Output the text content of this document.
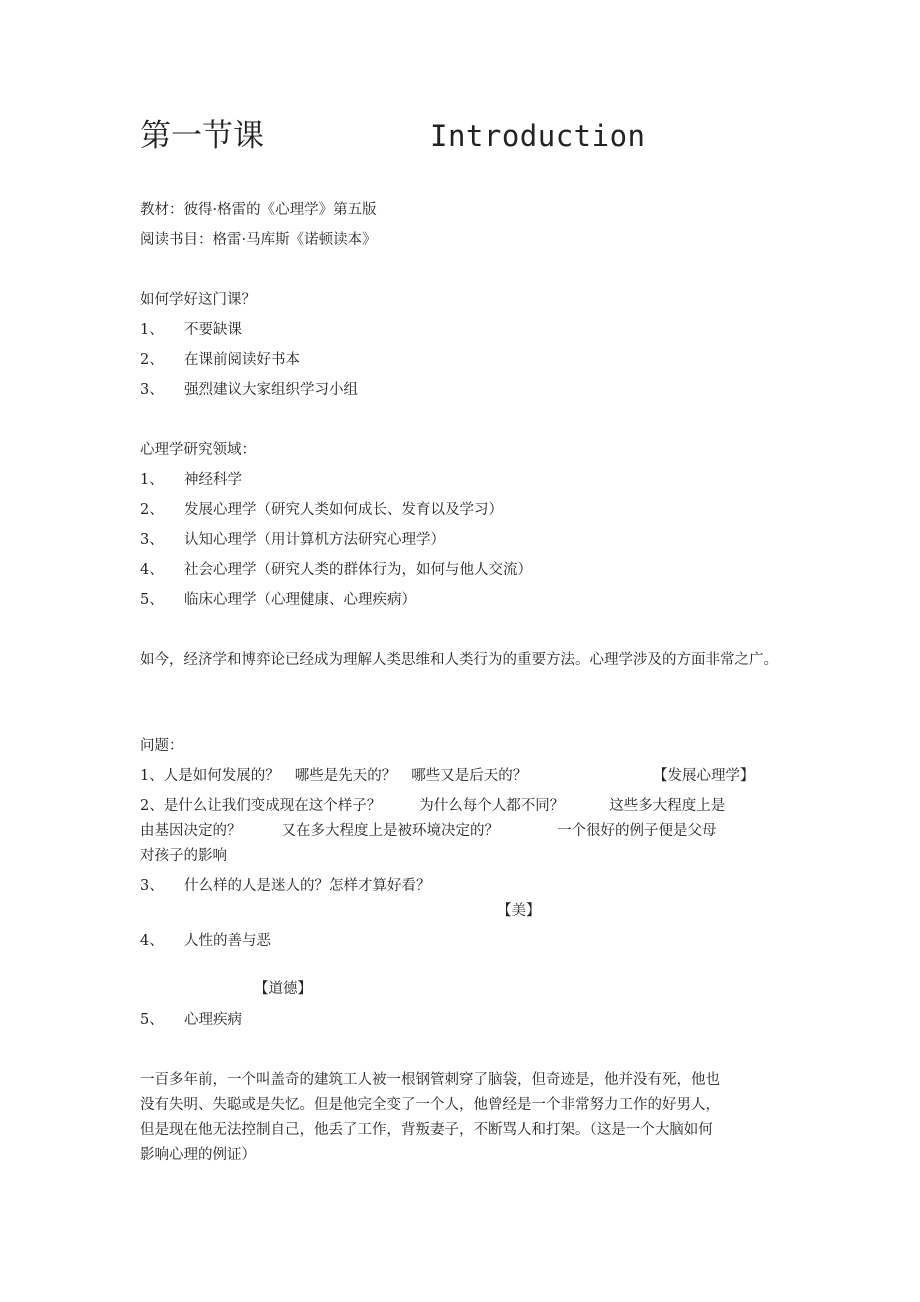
第一节课	Introduction
教材：彼得·格雷的《心理学》第五版
阅读书目：格雷·马库斯《诺顿读本》
如何学好这门课？
1、 不要缺课
2、 在课前阅读好书本
3、 强烈建议大家组织学习小组
心理学研究领域：
1、 神经科学
2、 发展心理学（研究人类如何成长、发育以及学习）
3、 认知心理学（用计算机方法研究心理学）
4、 社会心理学（研究人类的群体行为，如何与他人交流）
5、 临床心理学（心理健康、心理疾病）
如今，经济学和博弈论已经成为理解人类思维和人类行为的重要方法。心理学涉及的方面非常之广。
问题：
1、人是如何发展的？ 哪些是先天的？ 哪些又是后天的？	【发展心理学】
2、是什么让我们变成现在这个样子？	为什么每个人都不同？	这些多大程度上是
由基因决定的？	又在多大程度上是被环境决定的？	一个很好的例子便是父母
对孩子的影响
3、 什么样的人是迷人的？怎样才算好看？
【美】
4、 人性的善与恶
【道德】
5、 心理疾病
一百多年前，一个叫盖奇的建筑工人被一根钢管刺穿了脑袋，但奇迹是，他并没有死，他也
没有失明、失聪或是失忆。但是他完全变了一个人，他曾经是一个非常努力工作的好男人，
但是现在他无法控制自己，他丢了工作，背叛妻子，不断骂人和打架。（这是一个大脑如何
影响心理的例证）
